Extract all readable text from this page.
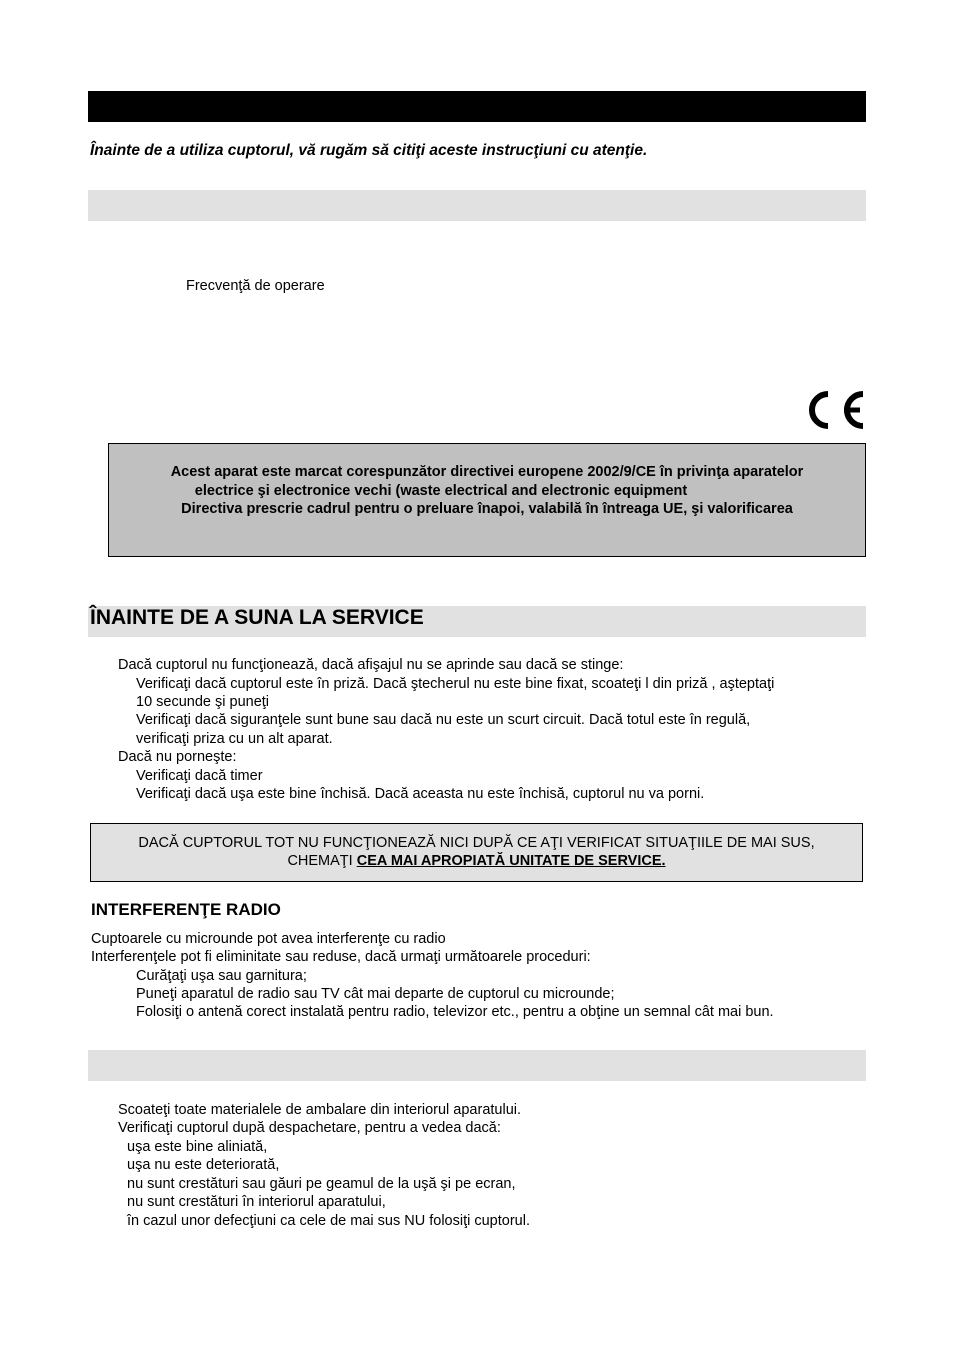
Înainte de a utiliza cuptorul, vă rugăm să citiţi aceste instrucţiuni cu atenţie.
Frecvenţă de operare
Acest aparat este marcat corespunzător directivei europene 2002/9/CE în privinţa aparatelor
electrice şi electronice vechi (waste electrical and electronic equipment
Directiva prescrie cadrul pentru o preluare înapoi, valabilă în întreaga UE, şi valorificarea
ÎNAINTE DE A SUNA LA SERVICE
Dacă cuptorul nu funcţionează, dacă afişajul nu se aprinde sau dacă se stinge:
Verificaţi dacă cuptorul este în priză. Dacă ştecherul nu este bine fixat, scoateţi l din priză , aşteptaţi
10 secunde şi puneţi
Verificaţi dacă siguranţele sunt bune sau dacă nu este un scurt circuit. Dacă totul este în regulă,
verificaţi priza cu un alt aparat.
Dacă nu porneşte:
Verificaţi dacă timer
Verificaţi dacă uşa este bine închisă. Dacă aceasta nu este închisă, cuptorul nu va porni.
DACĂ CUPTORUL TOT NU FUNCŢIONEAZĂ NICI DUPĂ CE AŢI VERIFICAT SITUAŢIILE DE MAI SUS,
CHEMAŢI CEA MAI APROPIATĂ UNITATE DE SERVICE.
INTERFERENŢE RADIO
Cuptoarele cu microunde pot avea interferenţe cu radio
Interferenţele pot fi eliminitate sau reduse, dacă urmaţi următoarele proceduri:
Curăţaţi uşa sau garnitura;
Puneţi aparatul de radio sau TV cât mai departe de cuptorul cu microunde;
Folosiţi o antenă corect instalată pentru radio, televizor etc., pentru a obţine un semnal cât mai bun.
Scoateţi toate materialele de ambalare din interiorul aparatului.
Verificaţi cuptorul după despachetare, pentru a vedea dacă:
uşa este bine aliniată,
uşa nu este deteriorată,
nu sunt crestături sau găuri pe geamul de la uşă şi pe ecran,
nu sunt crestături în interiorul aparatului,
în cazul unor defecţiuni ca cele de mai sus NU folosiţi cuptorul.
